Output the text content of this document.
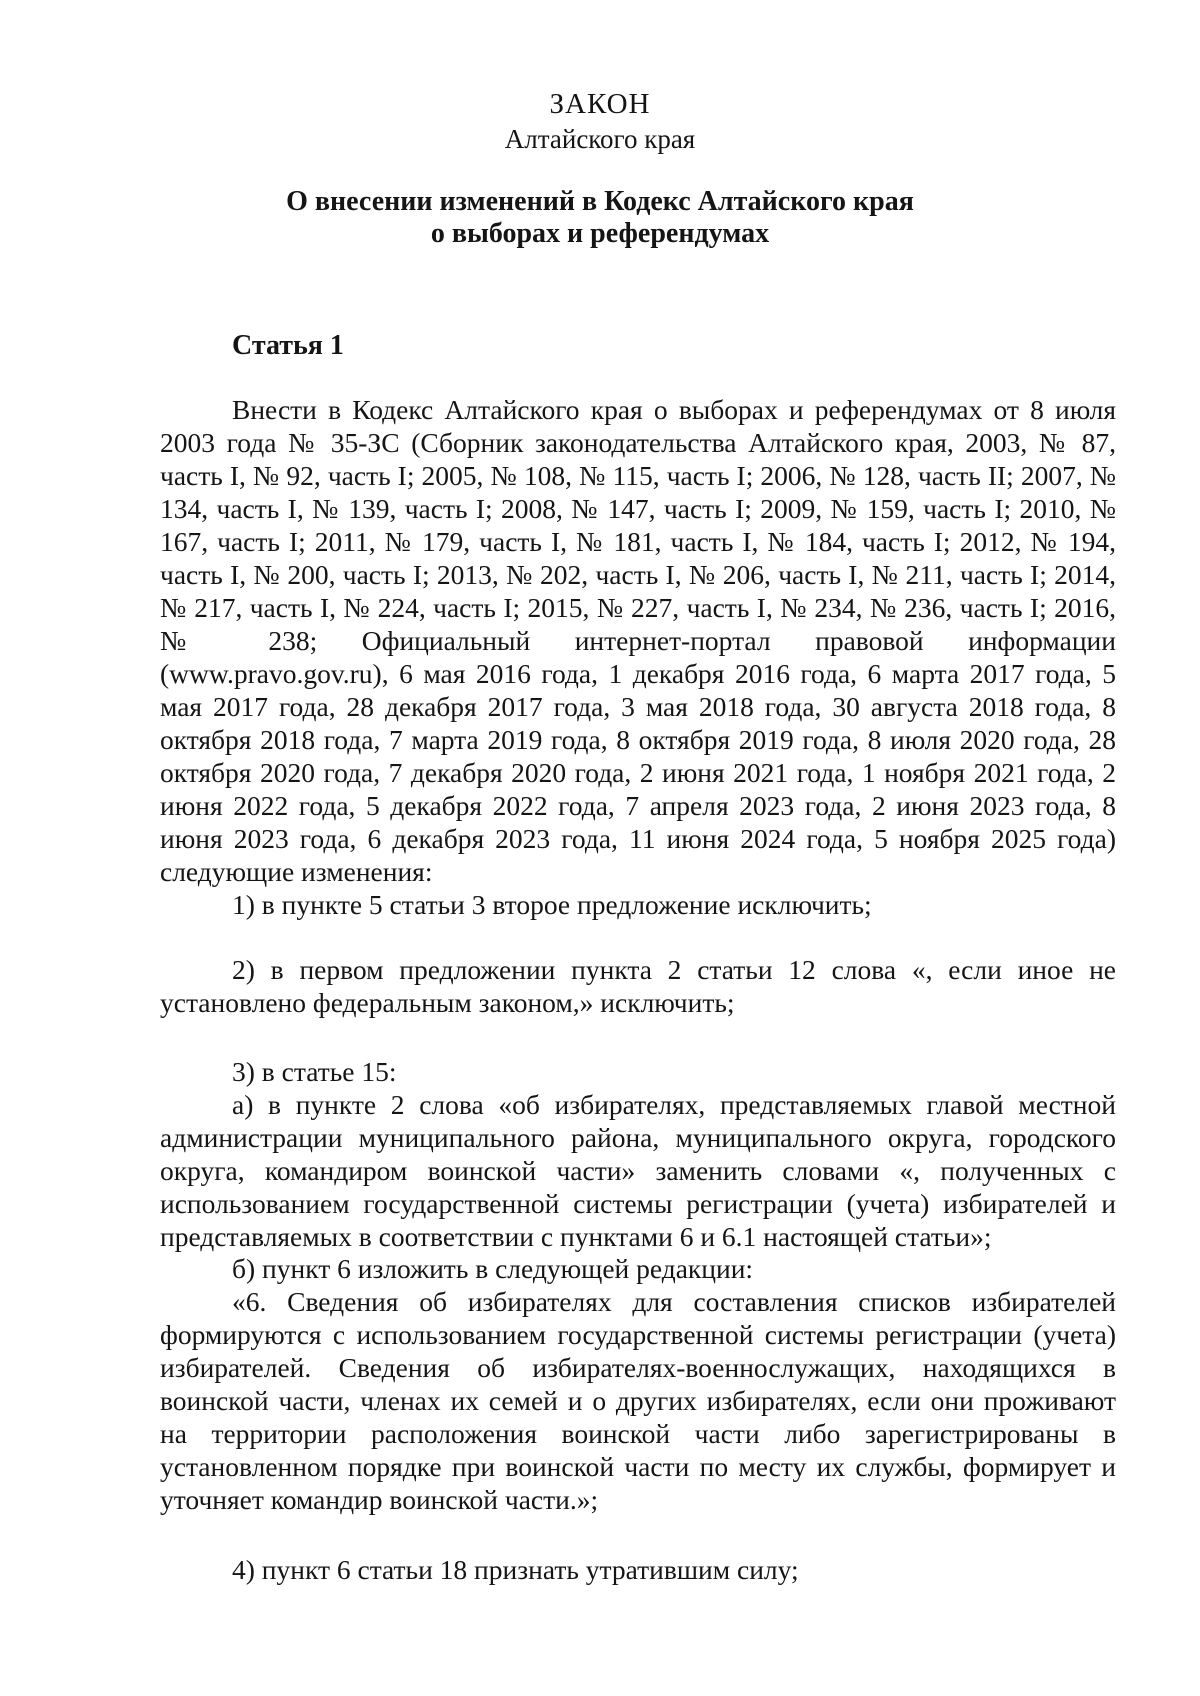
ЗАКОН
Алтайского края
О внесении изменений в Кодекс Алтайского края
о выборах и референдумах
Статья 1

Внести в Кодекс Алтайского края о выборах и референдумах от 8 июля 2003 года № 35-ЗС (Сборник законодательства Алтайского края, 2003, № 87, часть I, № 92, часть I; 2005, № 108, № 115, часть I; 2006, № 128, часть II; 2007, № 134, часть I, № 139, часть I; 2008, № 147, часть I; 2009, № 159, часть I; 2010, № 167, часть I; 2011, № 179, часть I, № 181, часть I, № 184, часть I; 2012, № 194, часть I, № 200, часть I; 2013, № 202, часть I, № 206, часть I, № 211, часть I; 2014, № 217, часть I, № 224, часть I; 2015, № 227, часть I, № 234, № 236, часть I; 2016, № 238; Официальный интернет-портал правовой информации (www.pravo.gov.ru), 6 мая 2016 года, 1 декабря 2016 года, 6 марта 2017 года, 5 мая 2017 года, 28 декабря 2017 года, 3 мая 2018 года, 30 августа 2018 года, 8 октября 2018 года, 7 марта 2019 года, 8 октября 2019 года, 8 июля 2020 года, 28 октября 2020 года, 7 декабря 2020 года, 2 июня 2021 года, 1 ноября 2021 года, 2 июня 2022 года, 5 декабря 2022 года, 7 апреля 2023 года, 2 июня 2023 года, 8 июня 2023 года, 6 декабря 2023 года, 11 июня 2024 года, 5 ноября 2025 года) следующие изменения:

1) в пункте 5 статьи 3 второе предложение исключить;

2) в первом предложении пункта 2 статьи 12 слова «, если иное не установлено федеральным законом,» исключить;

3) в статье 15:

а) в пункте 2 слова «об избирателях, представляемых главой местной администрации муниципального района, муниципального округа, городского округа, командиром воинской части» заменить словами «, полученных с использованием государственной системы регистрации (учета) избирателей и представляемых в соответствии с пунктами 6 и 6.1 настоящей статьи»;

б) пункт 6 изложить в следующей редакции:

«6. Сведения об избирателях для составления списков избирателей формируются с использованием государственной системы регистрации (учета) избирателей. Сведения об избирателях-военнослужащих, находящихся в воинской части, членах их семей и о других избирателях, если они проживают на территории расположения воинской части либо зарегистрированы в установленном порядке при воинской части по месту их службы, формирует и уточняет командир воинской части.»;

4) пункт 6 статьи 18 признать утратившим силу;
